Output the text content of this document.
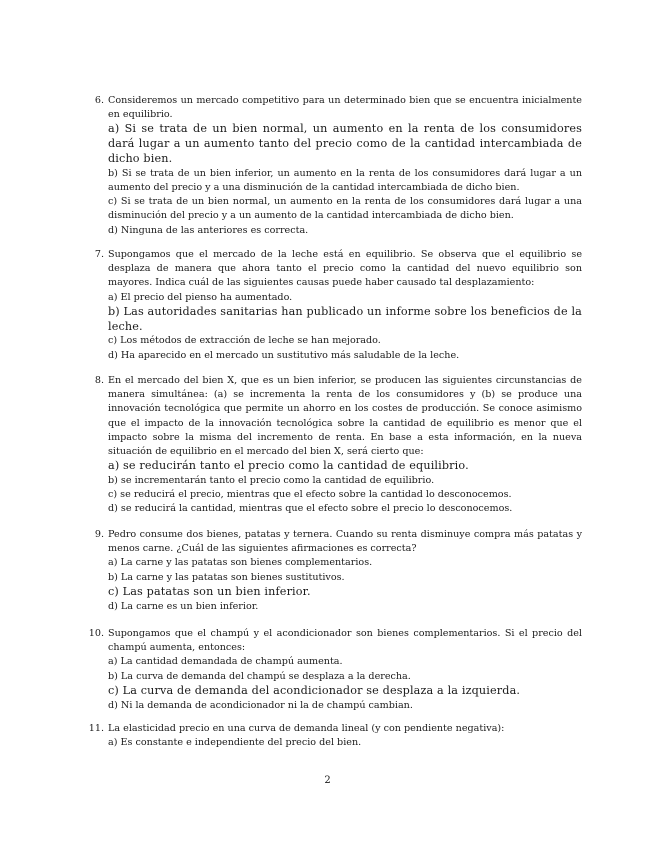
6. Consideremos un mercado competitivo para un determinado bien que se encuentra inicialmente en equilibrio.

a) Si se trata de un bien normal, un aumento en la renta de los consumidores dará lugar a un aumento tanto del precio como de la cantidad intercambiada de dicho bien.
b) Si se trata de un bien inferior, un aumento en la renta de los consumidores dará lugar a un aumento del precio y a una disminución de la cantidad intercambiada de dicho bien.
c) Si se trata de un bien normal, un aumento en la renta de los consumidores dará lugar a una disminución del precio y a un aumento de la cantidad intercambiada de dicho bien.
d) Ninguna de las anteriores es correcta.
7. Supongamos que el mercado de la leche está en equilibrio. Se observa que el equilibrio se desplaza de manera que ahora tanto el precio como la cantidad del nuevo equilibrio son mayores. Indica cuál de las siguientes causas puede haber causado tal desplazamiento:

a) El precio del pienso ha aumentado.
b) Las autoridades sanitarias han publicado un informe sobre los beneficios de la leche.
c) Los métodos de extracción de leche se han mejorado.
d) Ha aparecido en el mercado un sustitutivo más saludable de la leche.
8. En el mercado del bien X, que es un bien inferior, se producen las siguientes circunstancias de manera simultánea: (a) se incrementa la renta de los consumidores y (b) se produce una innovación tecnológica que permite un ahorro en los costes de producción. Se conoce asimismo que el impacto de la innovación tecnológica sobre la cantidad de equilibrio es menor que el impacto sobre la misma del incremento de renta. En base a esta información, en la nueva situación de equilibrio en el mercado del bien X, será cierto que:

a) se reducirán tanto el precio como la cantidad de equilibrio.
b) se incrementarán tanto el precio como la cantidad de equilibrio.
c) se reducirá el precio, mientras que el efecto sobre la cantidad lo desconocemos.
d) se reducirá la cantidad, mientras que el efecto sobre el precio lo desconocemos.
9. Pedro consume dos bienes, patatas y ternera. Cuando su renta disminuye compra más patatas y menos carne. ¿Cuál de las siguientes afirmaciones es correcta?

a) La carne y las patatas son bienes complementarios.
b) La carne y las patatas son bienes sustitutivos.
c) Las patatas son un bien inferior.
d) La carne es un bien inferior.
10. Supongamos que el champú y el acondicionador son bienes complementarios. Si el precio del champú aumenta, entonces:

a) La cantidad demandada de champú aumenta.
b) La curva de demanda del champú se desplaza a la derecha.
c) La curva de demanda del acondicionador se desplaza a la izquierda.
d) Ni la demanda de acondicionador ni la de champú cambian.
11. La elasticidad precio en una curva de demanda lineal (y con pendiente negativa):

a) Es constante e independiente del precio del bien.
2
